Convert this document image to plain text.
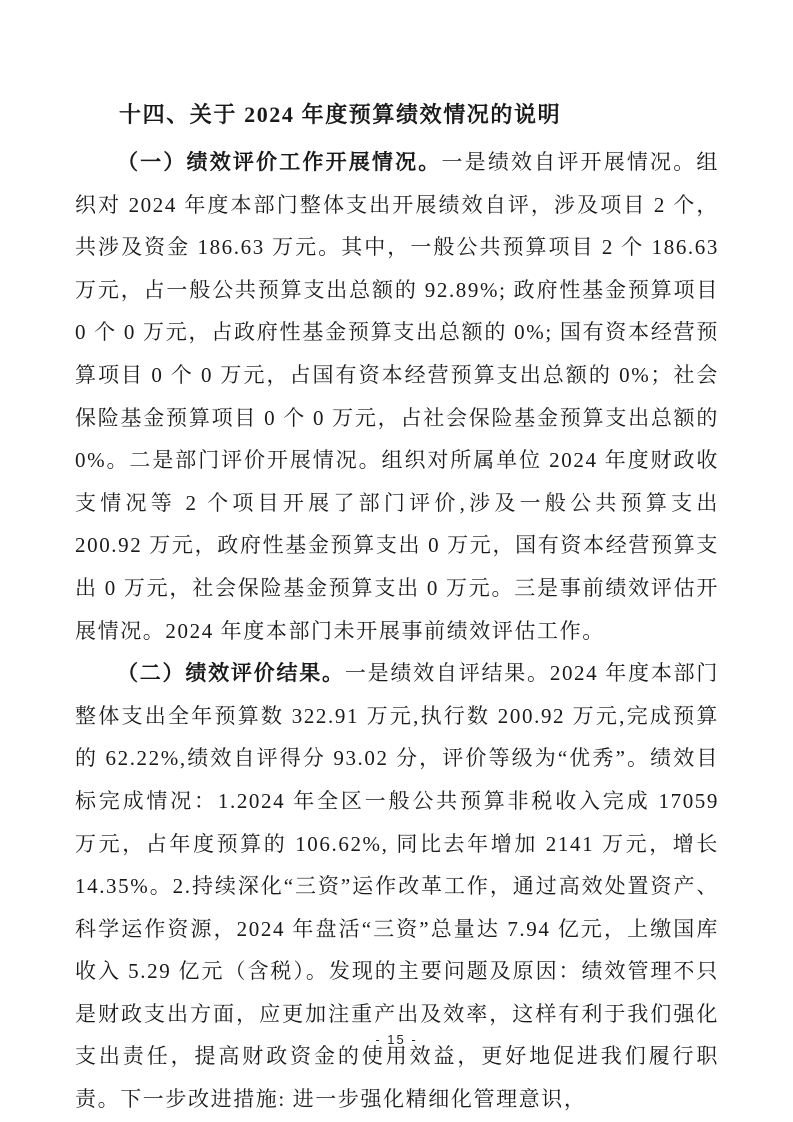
十四、关于 2024 年度预算绩效情况的说明

（一）绩效评价工作开展情况。一是绩效自评开展情况。组织对 2024 年度本部门整体支出开展绩效自评，涉及项目 2 个，共涉及资金 186.63 万元。其中，一般公共预算项目 2 个 186.63 万元，占一般公共预算支出总额的 92.89%; 政府性基金预算项目 0 个 0 万元，占政府性基金预算支出总额的 0%; 国有资本经营预算项目 0 个 0 万元，占国有资本经营预算支出总额的 0%；社会保险基金预算项目 0 个 0 万元，占社会保险基金预算支出总额的 0%。二是部门评价开展情况。组织对所属单位 2024 年度财政收支情况等 2 个项目开展了部门评价,涉及一般公共预算支出 200.92 万元，政府性基金预算支出 0 万元，国有资本经营预算支出 0 万元，社会保险基金预算支出 0 万元。三是事前绩效评估开展情况。2024 年度本部门未开展事前绩效评估工作。

（二）绩效评价结果。一是绩效自评结果。2024 年度本部门整体支出全年预算数 322.91 万元,执行数 200.92 万元,完成预算的 62.22%,绩效自评得分 93.02 分，评价等级为“优秀”。绩效目标完成情况：1.2024 年全区一般公共预算非税收入完成 17059 万元，占年度预算的 106.62%, 同比去年增加 2141 万元，增长 14.35%。2.持续深化“三资”运作改革工作，通过高效处置资产、科学运作资源，2024 年盘活“三资”总量达 7.94 亿元，上缴国库收入 5.29 亿元（含税）。发现的主要问题及原因：绩效管理不只是财政支出方面，应更加注重产出及效率，这样有利于我们强化支出责任，提高财政资金的使用效益，更好地促进我们履行职责。下一步改进措施: 进一步强化精细化管理意识，

- 15 -
